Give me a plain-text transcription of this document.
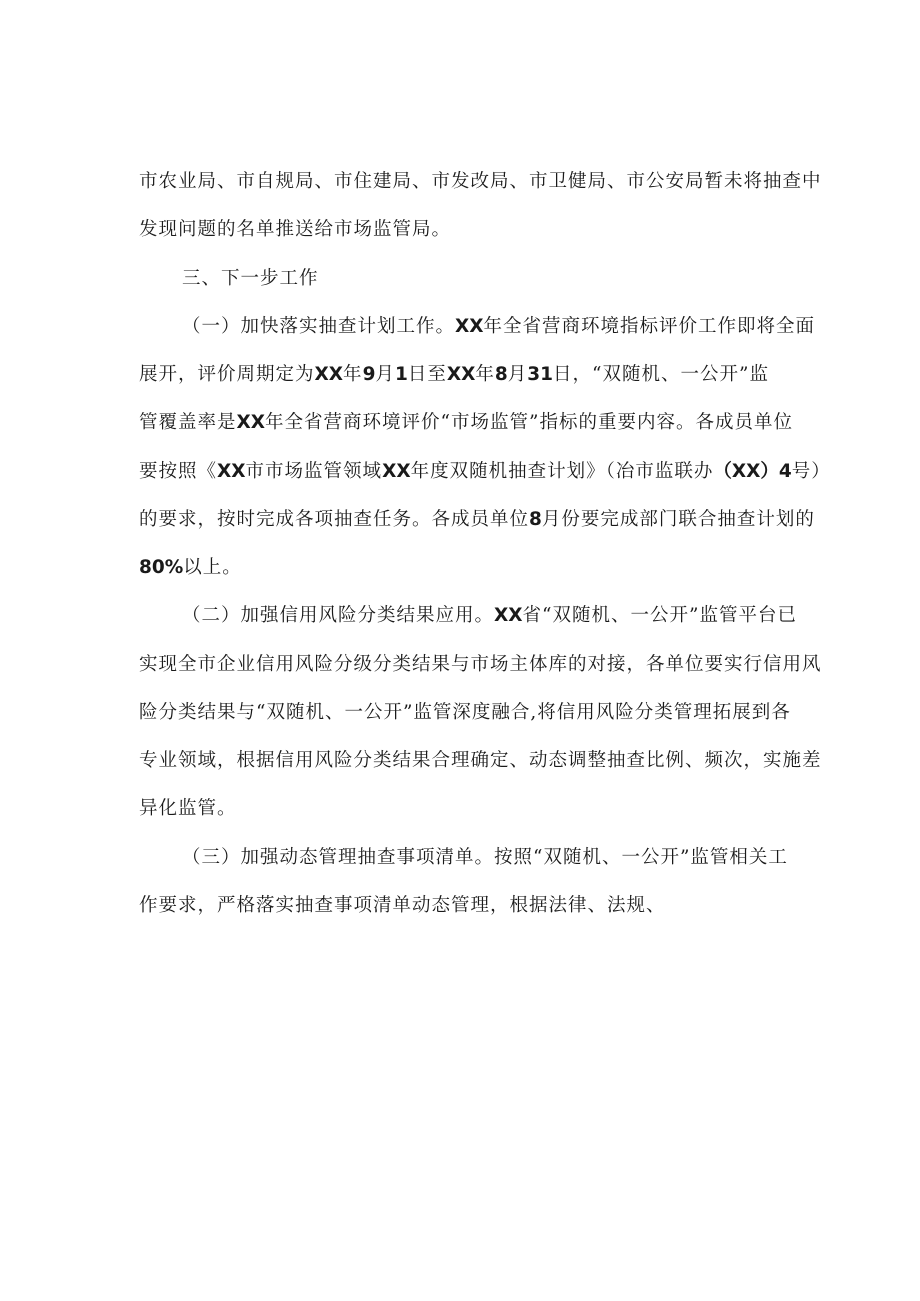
市农业局、市自规局、市住建局、市发改局、市卫健局、市公安局暂未将抽查中
发现问题的名单推送给市场监管局。
三、下一步工作
（一）加快落实抽查计划工作。XX年全省营商环境指标评价工作即将全面
展开，评价周期定为XX年9月1日至XX年8月31日，“双随机、一公开”监
管覆盖率是XX年全省营商环境评价“市场监管”指标的重要内容。各成员单位
要按照《XX市市场监管领域XX年度双随机抽查计划》（冶市监联办（XX）4号）
的要求，按时完成各项抽查任务。各成员单位8月份要完成部门联合抽查计划的
80%以上。
（二）加强信用风险分类结果应用。XX省“双随机、一公开”监管平台已
实现全市企业信用风险分级分类结果与市场主体库的对接，各单位要实行信用风
险分类结果与“双随机、一公开”监管深度融合,将信用风险分类管理拓展到各
专业领域，根据信用风险分类结果合理确定、动态调整抽查比例、频次，实施差
异化监管。
（三）加强动态管理抽查事项清单。按照“双随机、一公开”监管相关工
作要求，严格落实抽查事项清单动态管理，根据法律、法规、
